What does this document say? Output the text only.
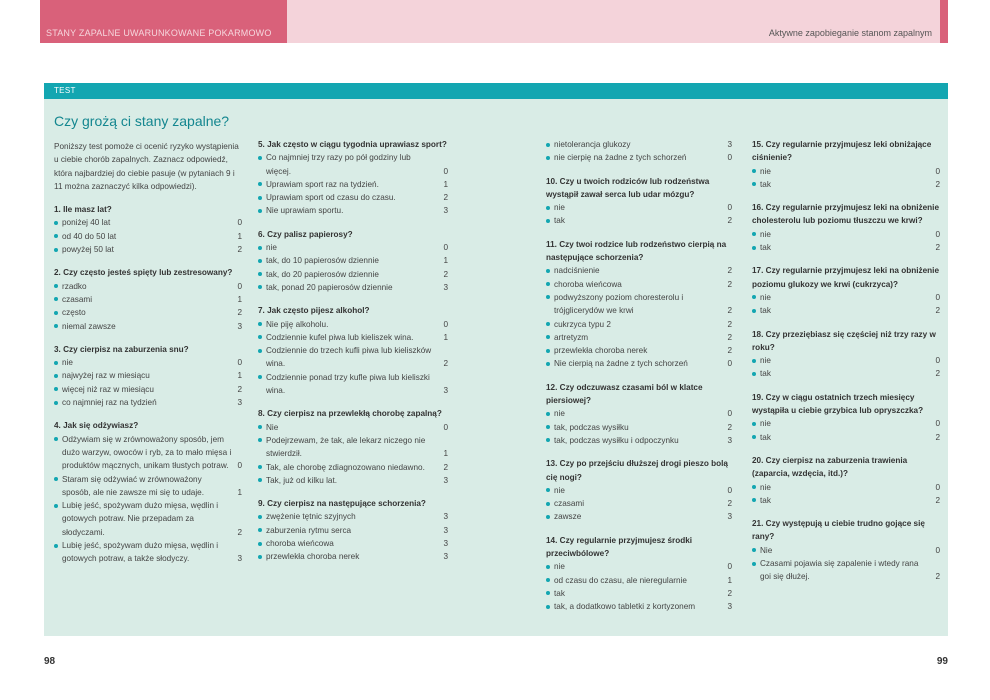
STANY ZAPALNE UWARUNKOWANE POKARMOWO	Aktywne zapobieganie stanom zapalnym
TEST
Czy grożą ci stany zapalne?

Poniższy test pomoże ci ocenić ryzyko wystąpienia u ciebie chorób zapalnych. Zaznacz odpowiedź, która najbardziej do ciebie pasuje (w pytaniach 9 i 11 można zaznaczyć kilka odpowiedzi).

1. Ile masz lat?
poniżej 40 lat	0
od 40 do 50 lat	1
powyżej 50 lat	2
2. Czy często jesteś spięty lub zestresowany?
rzadko	0
czasami	1
często	2
niemal zawsze	3
3. Czy cierpisz na zaburzenia snu?
nie	0
najwyżej raz w miesiącu	1
więcej niż raz w miesiącu	2
co najmniej raz na tydzień	3
4. Jak się odżywiasz?
Odżywiam się w zrównoważony sposób, jem dużo warzyw, owoców i ryb, za to mało mięsa i produktów mącznych, unikam tłustych potraw. 0
Staram się odżywiać w zrównoważony sposób, ale nie zawsze mi się to udaje.	1
Lubię jeść, spożywam dużo mięsa, wędlin i gotowych potraw. Nie przepadam za słodyczami.	2
Lubię jeść, spożywam dużo mięsa, wędlin i gotowych potraw, a także słodyczy.	3
5. Jak często w ciągu tygodnia uprawiasz sport?
Co najmniej trzy razy po pół godziny lub więcej.	0
Uprawiam sport raz na tydzień.	1
Uprawiam sport od czasu do czasu.	2
Nie uprawiam sportu.	3
6. Czy palisz papierosy?
nie	0
tak, do 10 papierosów dziennie	1
tak, do 20 papierosów dziennie	2
tak, ponad 20 papierosów dziennie	3
7. Jak często pijesz alkohol?
Nie piję alkoholu.	0
Codziennie kufel piwa lub kieliszek wina.	1
Codziennie do trzech kufli piwa lub kieliszków wina.	2
Codziennie ponad trzy kufle piwa lub kieliszki wina.	3
8. Czy cierpisz na przewlekłą chorobę zapalną?
Nie	0
Podejrzewam, że tak, ale lekarz niczego nie stwierdził.	1
Tak, ale chorobę zdiagnozowano niedawno. 2
Tak, już od kilku lat.	3
9. Czy cierpisz na następujące schorzenia?
zwężenie tętnic szyjnych	3
zaburzenia rytmu serca	3
choroba wieńcowa	3
przewlekła choroba nerek	3
nietolerancja glukozy	3
nie cierpię na żadne z tych schorzeń	0
10. Czy u twoich rodziców lub rodzeństwa wystąpił zawał serca lub udar mózgu?
nie	0
tak	2
11. Czy twoi rodzice lub rodzeństwo cierpią na następujące schorzenia?
nadciśnienie	2
choroba wieńcowa	2
podwyższony poziom choresterolu i trójglicerydów we krwi	2
cukrzyca typu 2	2
artretyzm	2
przewlekła choroba nerek	2
Nie cierpią na żadne z tych schorzeń	0
12. Czy odczuwasz czasami ból w klatce piersiowej?
nie	0
tak, podczas wysiłku	2
tak, podczas wysiłku i odpoczynku	3
13. Czy po przejściu dłuższej drogi pieszo bolą cię nogi?
nie	0
czasami	2
zawsze	3
14. Czy regularnie przyjmujesz środki przeciwbólowe?
nie	0
od czasu do czasu, ale nieregularnie	1
tak	2
tak, a dodatkowo tabletki z kortyzonem	3
15. Czy regularnie przyjmujesz leki obniżające ciśnienie?
nie	0
tak	2
16. Czy regularnie przyjmujesz leki na obniżenie cholesterolu lub poziomu tłuszczu we krwi?
nie	0
tak	2
17. Czy regularnie przyjmujesz leki na obniżenie poziomu glukozy we krwi (cukrzyca)?
nie	0
tak	2
18. Czy przeziębiasz się częściej niż trzy razy w roku?
nie	0
tak	2
19. Czy w ciągu ostatnich trzech miesięcy wystąpiła u ciebie grzybica lub opryszczka?
nie	0
tak	2
20. Czy cierpisz na zaburzenia trawienia (zaparcia, wzdęcia, itd.)?
nie	0
tak	2
21. Czy występują u ciebie trudno gojące się rany?
Nie	0
Czasami pojawia się zapalenie i wtedy rana goi się dłużej.	2
98	99
